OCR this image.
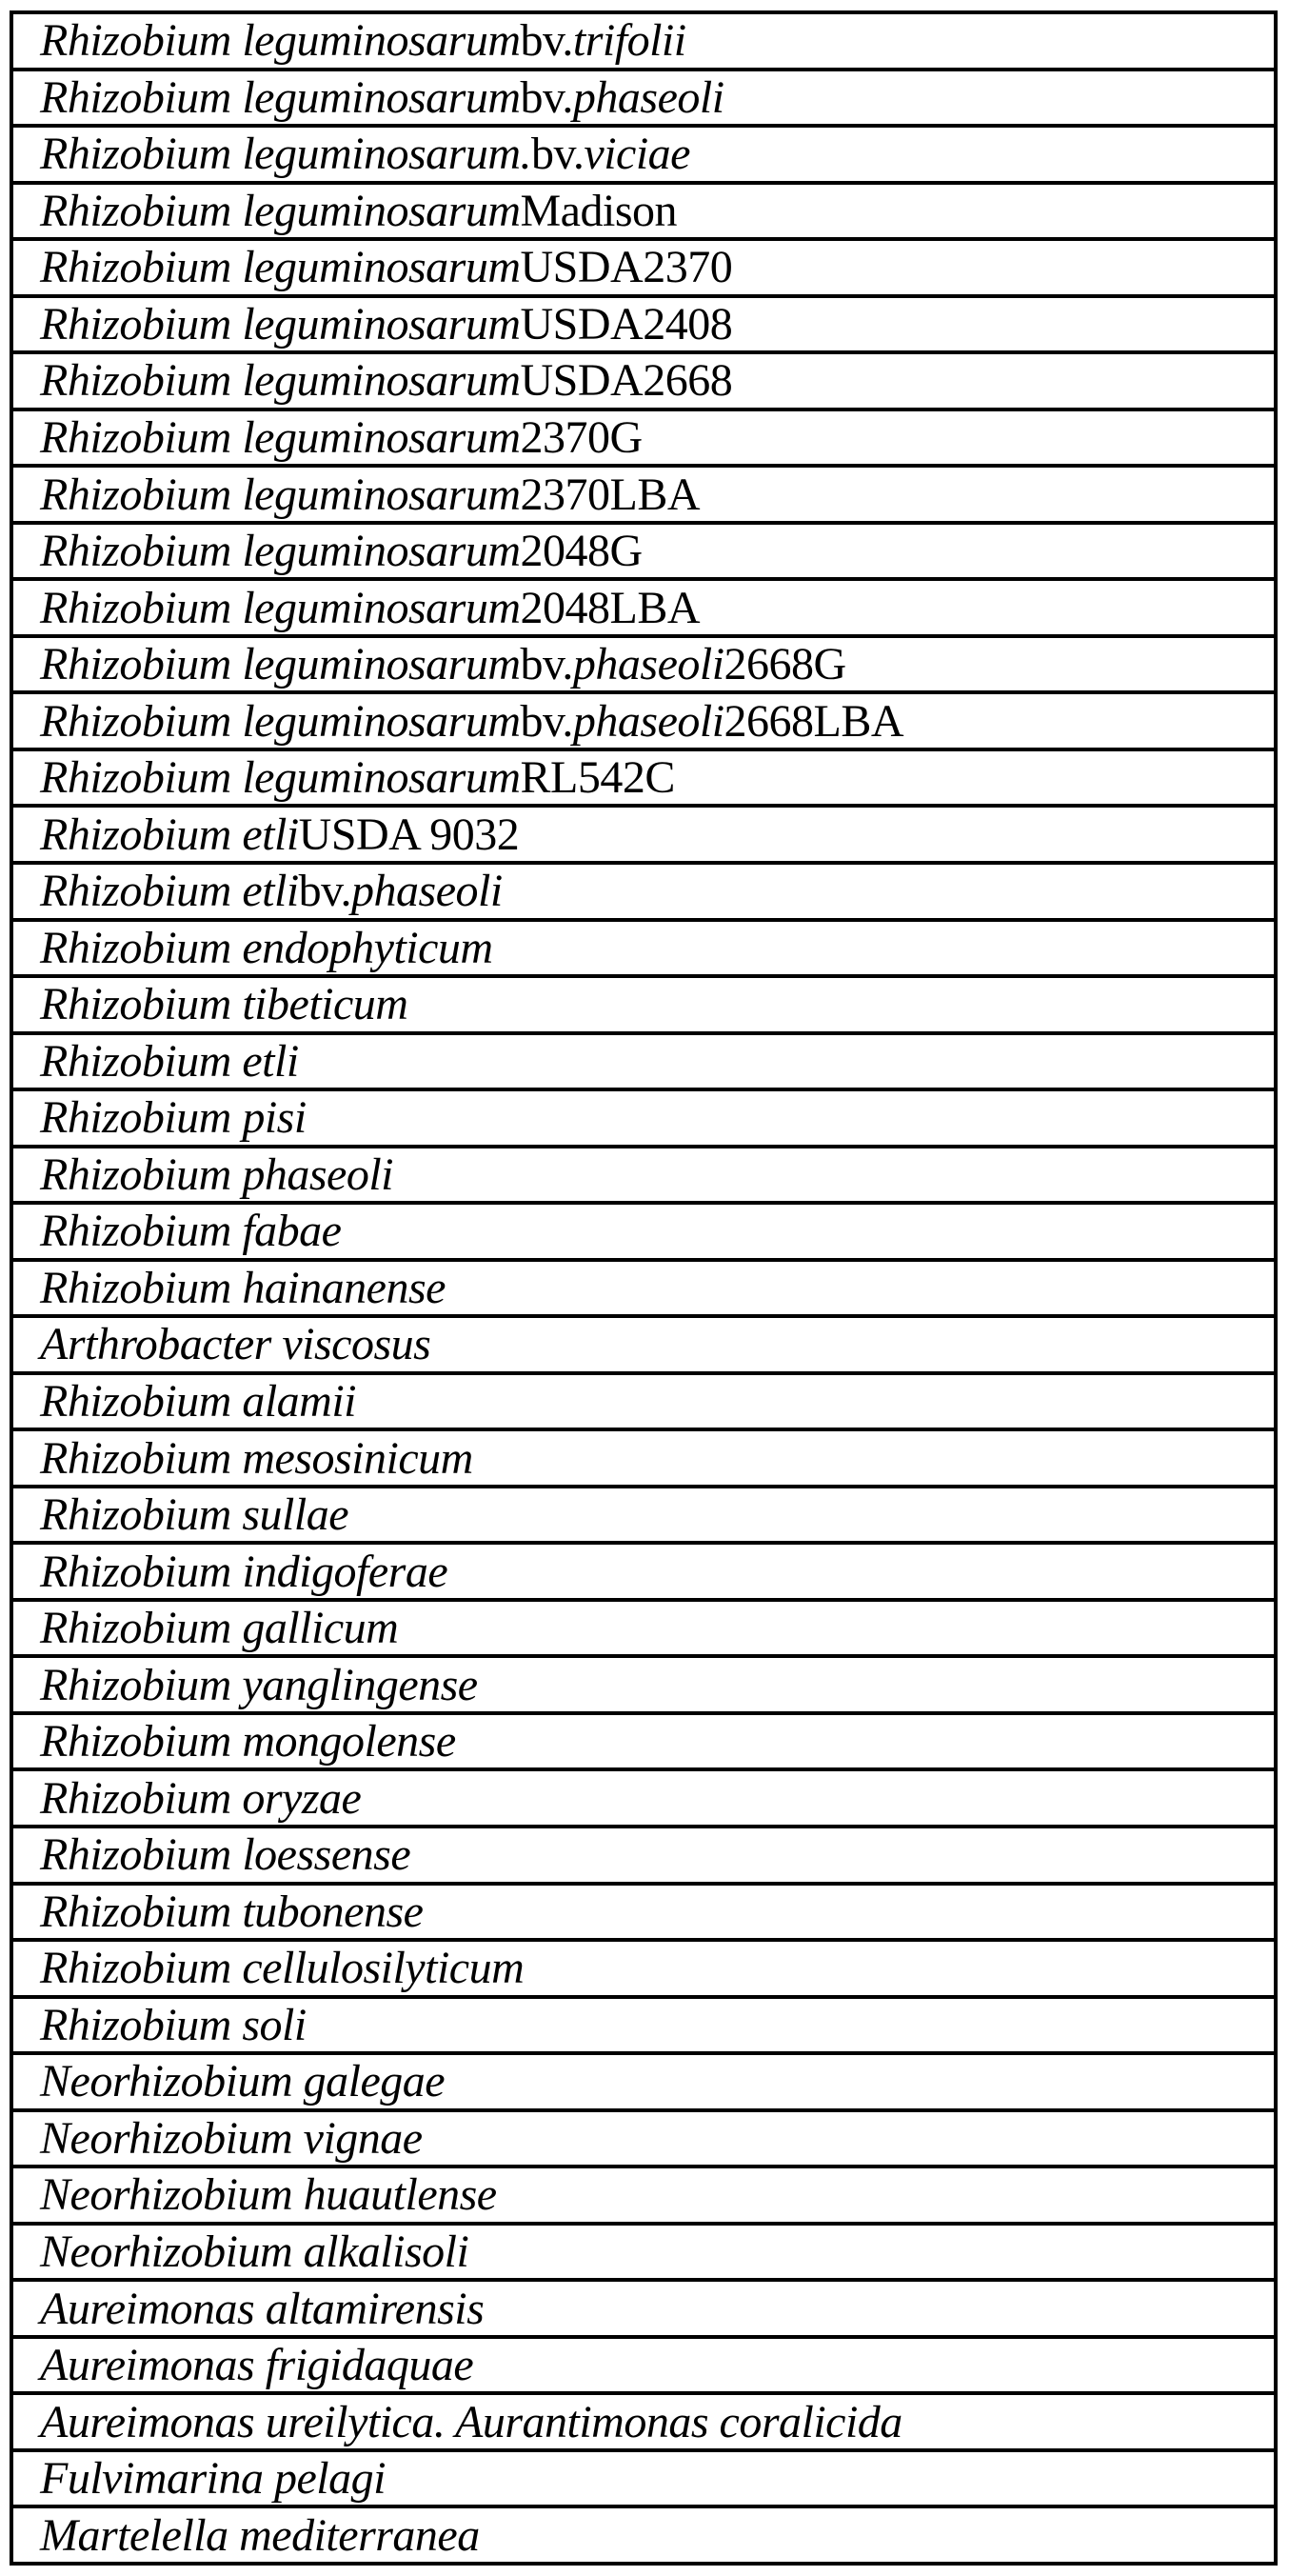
Rhizobium leguminosarum bv. trifolii
Rhizobium leguminosarum bv. phaseoli
Rhizobium leguminosarum. bv. viciae
Rhizobium leguminosarum Madison
Rhizobium leguminosarum USDA2370
Rhizobium leguminosarum USDA2408
Rhizobium leguminosarum USDA2668
Rhizobium leguminosarum 2370G
Rhizobium leguminosarum 2370LBA
Rhizobium leguminosarum 2048G
Rhizobium leguminosarum 2048LBA
Rhizobium leguminosarum bv. phaseoli 2668G
Rhizobium leguminosarum bv. phaseoli 2668LBA
Rhizobium leguminosarum RL542C
Rhizobium etli USDA 9032
Rhizobium etli bv. phaseoli
Rhizobium endophyticum
Rhizobium tibeticum
Rhizobium etli
Rhizobium pisi
Rhizobium phaseoli
Rhizobium fabae
Rhizobium hainanense
Arthrobacter viscosus
Rhizobium alamii
Rhizobium mesosinicum
Rhizobium sullae
Rhizobium indigoferae
Rhizobium gallicum
Rhizobium yanglingense
Rhizobium mongolense
Rhizobium oryzae
Rhizobium loessense
Rhizobium tubonense
Rhizobium cellulosilyticum
Rhizobium soli
Neorhizobium galegae
Neorhizobium vignae
Neorhizobium huautlense
Neorhizobium alkalisoli
Aureimonas altamirensis
Aureimonas frigidaquae
Aureimonas ureilytica. Aurantimonas coralicida
Fulvimarina pelagi
Martelella mediterranea
